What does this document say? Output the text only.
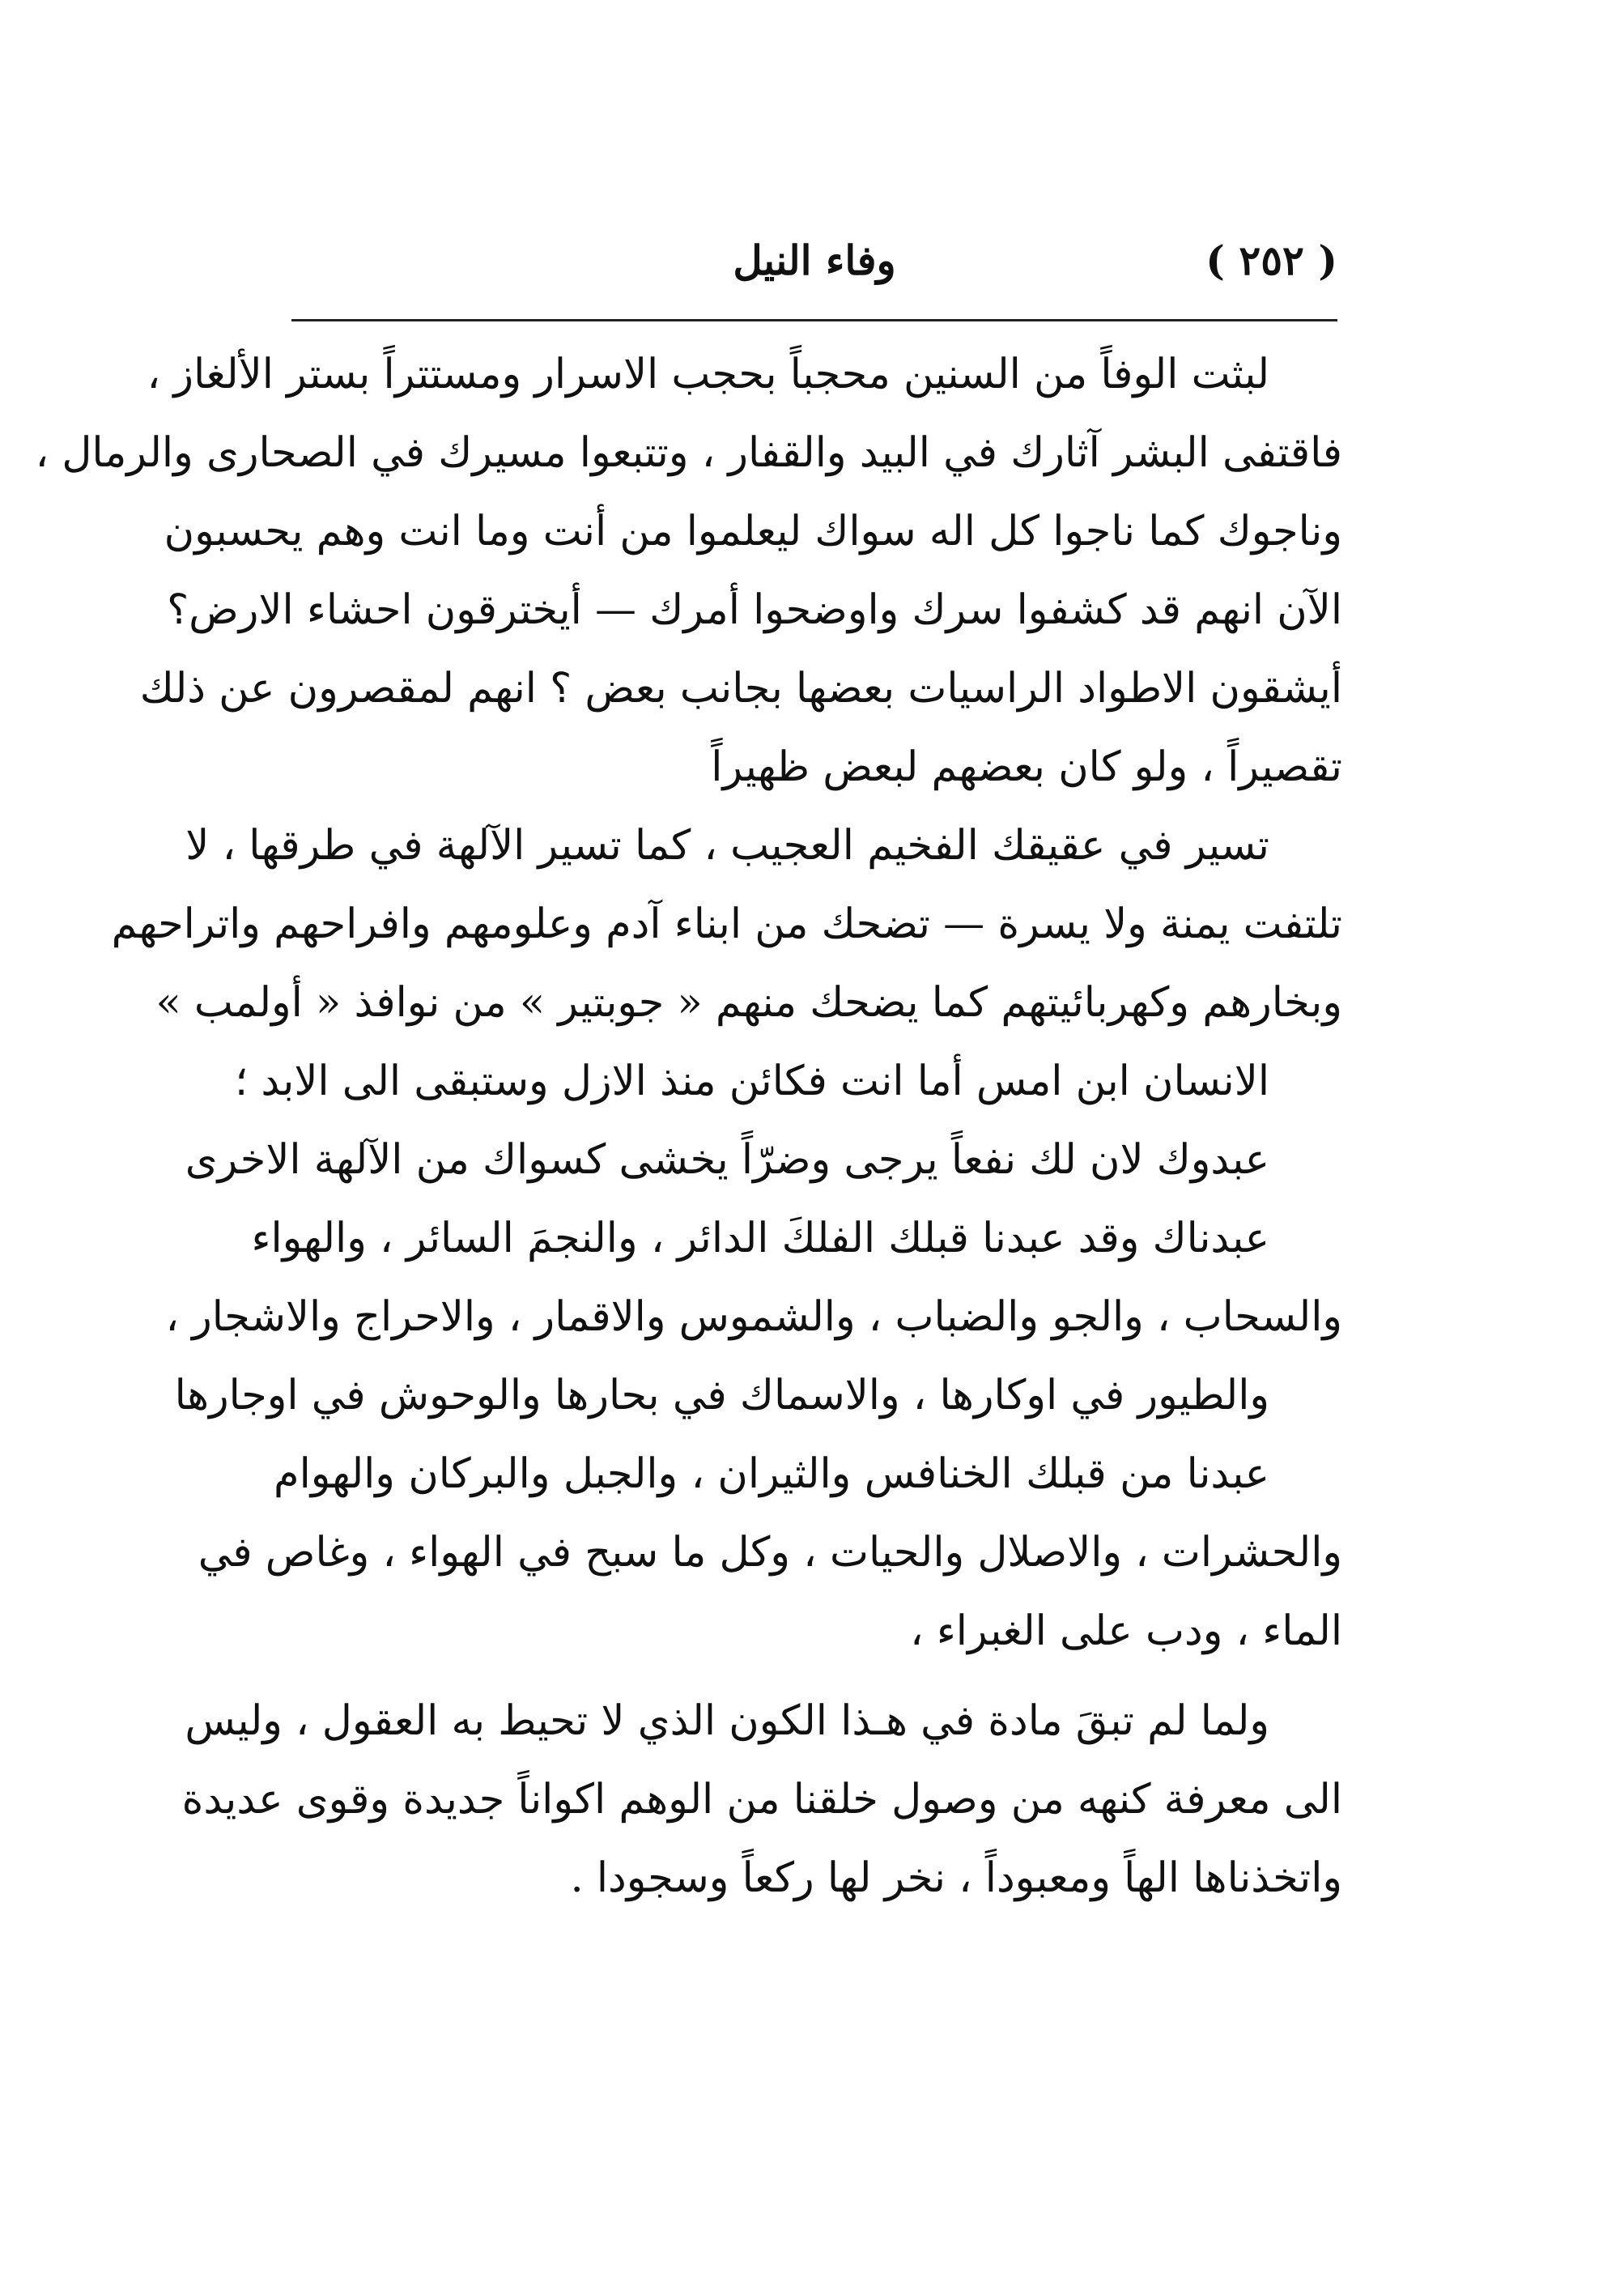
( ٢٥٢ )
وفاء النيل
لبثت الوفاً من السنين محجباً بحجب الاسرار ومستتراً بستر الألغاز ،
فاقتفى البشر آثارك في البيد والقفار ، وتتبعوا مسيرك في الصحارى والرمال ،
وناجوك كما ناجوا كل اله سواك ليعلموا من أنت وما انت وهم يحسبون
الآن انهم قد كشفوا سرك واوضحوا أمرك — أيخترقون احشاء الارض؟
أيشقون الاطواد الراسيات بعضها بجانب بعض ؟ انهم لمقصرون عن ذلك
تقصيراً ، ولو كان بعضهم لبعض ظهيراً
تسير في عقيقك الفخيم العجيب ، كما تسير الآلهة في طرقها ، لا
تلتفت يمنة ولا يسرة — تضحك من ابناء آدم وعلومهم وافراحهم واتراحهم
وبخارهم وكهربائيتهم كما يضحك منهم « جوبتير » من نوافذ « أولمب »
الانسان ابن امس أما انت فكائن منذ الازل وستبقى الى الابد ؛
عبدوك لان لك نفعاً يرجى وضرّاً يخشى كسواك من الآلهة الاخرى
عبدناك وقد عبدنا قبلك الفلكَ الدائر ، والنجمَ السائر ، والهواء
والسحاب ، والجو والضباب ، والشموس والاقمار ، والاحراج والاشجار ،
والطيور في اوكارها ، والاسماك في بحارها والوحوش في اوجارها
عبدنا من قبلك الخنافس والثيران ، والجبل والبركان والهوام
والحشرات ، والاصلال والحيات ، وكل ما سبح في الهواء ، وغاص في
الماء ، ودب على الغبراء ،
ولما لم تبقَ مادة في هـذا الكون الذي لا تحيط به العقول ، وليس
الى معرفة كنهه من وصول خلقنا من الوهم اكواناً جديدة وقوى عديدة
واتخذناها الهاً ومعبوداً ، نخر لها ركعاً وسجودا .
